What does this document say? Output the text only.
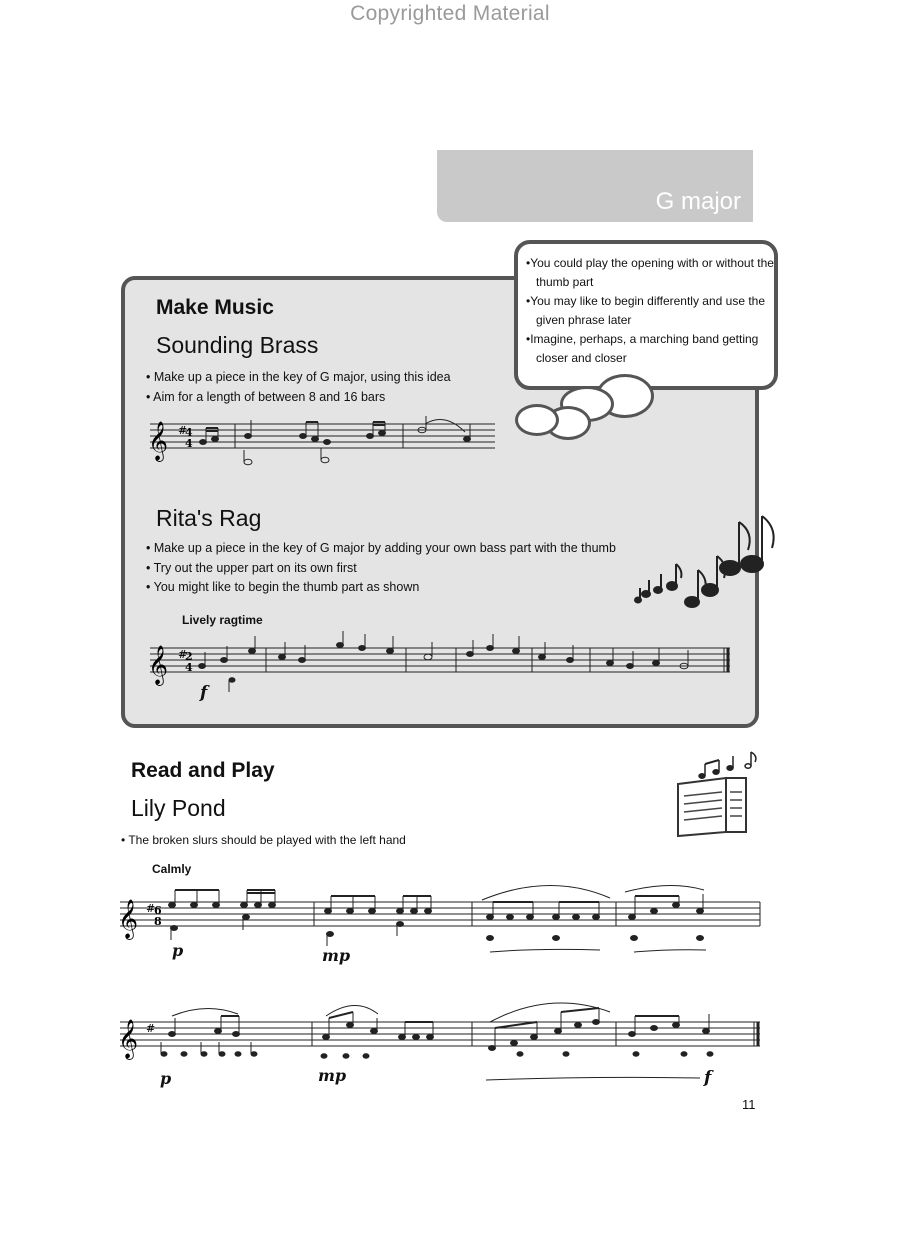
Copyrighted Material
G major
Make Music
Sounding Brass
• Make up a piece in the key of G major, using this idea
• Aim for a length of between 8 and 16 bars
𝄞 #
4
4
Rita's Rag
• Make up a piece in the key of G major by adding your own bass part with the thumb
• Try out the upper part on its own first
• You might like to begin the thumb part as shown
Lively ragtime
𝄞 #
2
4
f
• You could play the opening with or without the thumb part
• You may like to begin differently and use the given phrase later
• Imagine, perhaps, a marching band getting closer and closer
Read and Play
Lily Pond
• The broken slurs should be played with the left hand
Calmly
𝄞 #
6
8
p	mp
𝄞 #
p	mp	f
11
